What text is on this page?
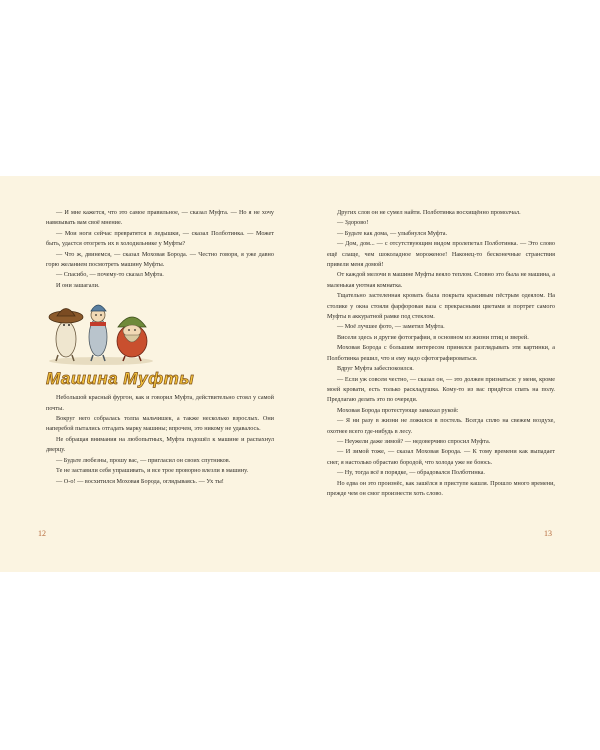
— И мне кажется, что это самое правильное, — сказал Муфта. — Но я не хочу навязывать вам своё мнение.

— Мои ноги сейчас превратятся в ледышки, — сказал Полботинка. — Может быть, удастся отогреть их в холодильнике у Муфты?

— Что ж, двинемся, — сказал Моховая Борода. — Честно говоря, я уже давно горю желанием посмотреть машину Муфты.

— Спасибо, — почему-то сказал Муфта.

И они зашагали.

Машина Муфты

Небольшой красный фургон, как и говорил Муфта, действительно стоял у самой почты.

Вокруг него собралась толпа мальчишек, а также несколько взрослых. Они наперебой пытались отгадать марку машины; впрочем, это никому не удавалось.

Не обращая внимания на любопытных, Муфта подошёл к машине и распахнул дверцу.

— Будьте любезны, прошу вас, — пригласил он своих спутников.

Те не заставили себя упрашивать, и все трое проворно влезли в машину.

— О-о! — восхитился Моховая Борода, оглядываясь. — Ух ты!

Других слов он не сумел найти. Полботинка восхищённо промолчал.

— Здорово!

— Будьте как дома, — улыбнулся Муфта.

— Дом, дом... — с отсутствующим видом пролепетал Полботинка. — Это слово ещё слаще, чем шоколадное мороженое! Наконец-то бесконечные странствия привели меня домой!

От каждой мелочи в машине Муфты веяло теплом. Словно это была не машина, а маленькая уютная комнатка.

Тщательно застеленная кровать была покрыта красивым пёстрым одеялом. На столике у окна стояли фарфоровая ваза с прекрасными цветами и портрет самого Муфты в аккуратной рамке под стеклом.

— Моё лучшее фото, — заметил Муфта.

Висели здесь и другие фотографии, в основном из жизни птиц и зверей.

Моховая Борода с большим интересом принялся разглядывать эти картинки, а Полботинка решил, что и ему надо сфотографироваться.

Вдруг Муфта забеспокоился.

— Если уж совсем честно, — сказал он, — это должен признаться: у меня, кроме моей кровати, есть только раскладушка. Кому-то из вас придётся спать на полу. Предлагаю делать это по очереди.

Моховая Борода протестующе замахал рукой:

— Я ни разу в жизни не ложился в постель. Всегда сплю на свежем воздухе, охотнее всего где-нибудь в лесу.

— Неужели даже зимой? — недоверчиво спросил Муфта.

— И зимой тоже, — сказал Моховая Борода. — К тому времени как выпадает снег, я настолько обрастаю бородой, что холода уже не боюсь.

— Ну, тогда всё в порядке, — обрадовался Полботинка.

Но едва он это произнёс, как зашёлся в приступе кашля. Прошло много времени, прежде чем он смог произнести хоть слово.

12	13
